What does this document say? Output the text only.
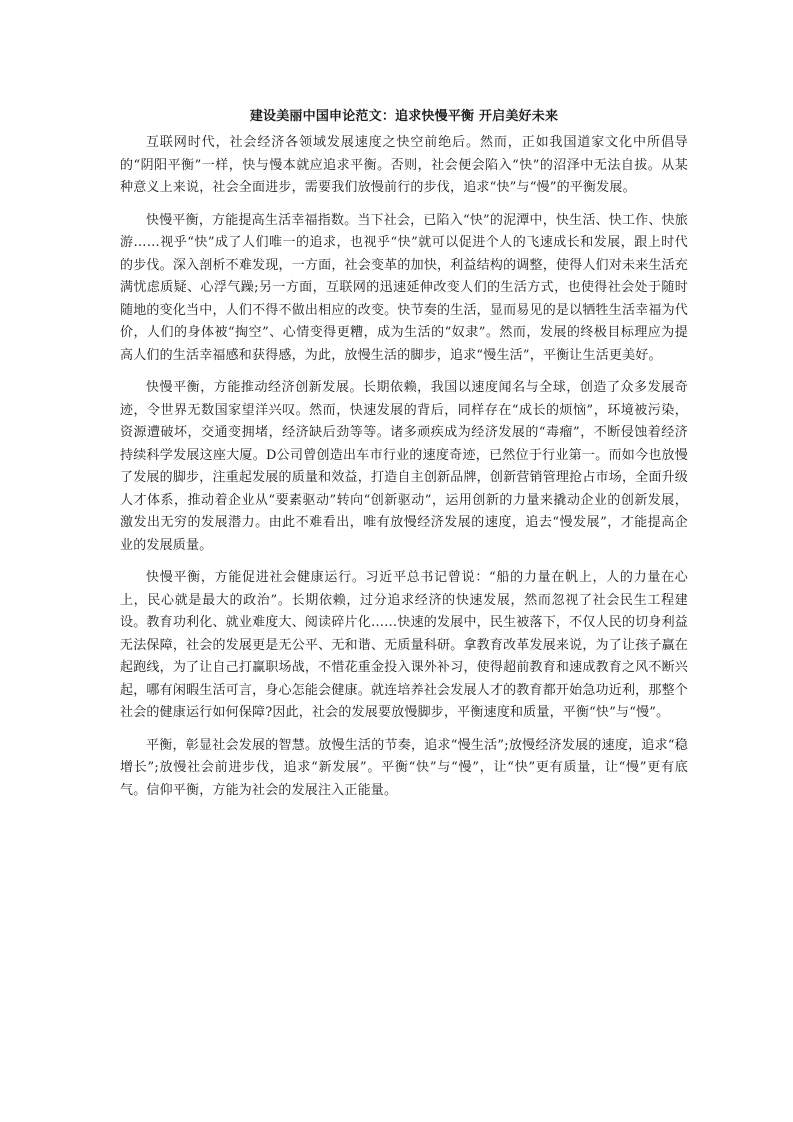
建设美丽中国申论范文：追求快慢平衡 开启美好未来

互联网时代，社会经济各领域发展速度之快空前绝后。然而，正如我国道家文化中所倡导的“阴阳平衡”一样，快与慢本就应追求平衡。否则，社会便会陷入“快”的沼泽中无法自拔。从某种意义上来说，社会全面进步，需要我们放慢前行的步伐，追求“快”与“慢”的平衡发展。

快慢平衡，方能提高生活幸福指数。当下社会，已陷入“快”的泥潭中，快生活、快工作、快旅游……视乎“快”成了人们唯一的追求，也视乎“快”就可以促进个人的飞速成长和发展，跟上时代的步伐。深入剖析不难发现，一方面，社会变革的加快，利益结构的调整，使得人们对未来生活充满忧虑质疑、心浮气躁;另一方面，互联网的迅速延伸改变人们的生活方式，也使得社会处于随时随地的变化当中，人们不得不做出相应的改变。快节奏的生活，显而易见的是以牺牲生活幸福为代价，人们的身体被“掏空”、心情变得更糟，成为生活的“奴隶”。然而，发展的终极目标理应为提高人们的生活幸福感和获得感，为此，放慢生活的脚步，追求“慢生活”，平衡让生活更美好。

快慢平衡，方能推动经济创新发展。长期依赖，我国以速度闻名与全球，创造了众多发展奇迹，令世界无数国家望洋兴叹。然而，快速发展的背后，同样存在“成长的烦恼”，环境被污染，资源遭破坏，交通变拥堵，经济缺后劲等等。诸多顽疾成为经济发展的“毒瘤”，不断侵蚀着经济持续科学发展这座大厦。D公司曾创造出车市行业的速度奇迹，已然位于行业第一。而如今也放慢了发展的脚步，注重起发展的质量和效益，打造自主创新品牌，创新营销管理抢占市场，全面升级人才体系，推动着企业从“要素驱动”转向“创新驱动”，运用创新的力量来撬动企业的创新发展，激发出无穷的发展潜力。由此不难看出，唯有放慢经济发展的速度，追去“慢发展”，才能提高企业的发展质量。

快慢平衡，方能促进社会健康运行。习近平总书记曾说：“船的力量在帆上，人的力量在心上，民心就是最大的政治”。长期依赖，过分追求经济的快速发展，然而忽视了社会民生工程建设。教育功利化、就业难度大、阅读碎片化……快速的发展中，民生被落下，不仅人民的切身利益无法保障，社会的发展更是无公平、无和谐、无质量科研。拿教育改革发展来说，为了让孩子赢在起跑线，为了让自己打赢职场战，不惜花重金投入课外补习，使得超前教育和速成教育之风不断兴起，哪有闲暇生活可言，身心怎能会健康。就连培养社会发展人才的教育都开始急功近利，那整个社会的健康运行如何保障?因此，社会的发展要放慢脚步，平衡速度和质量，平衡“快”与“慢”。

平衡，彰显社会发展的智慧。放慢生活的节奏，追求“慢生活”;放慢经济发展的速度，追求“稳增长”;放慢社会前进步伐，追求“新发展”。平衡“快”与“慢”，让“快”更有质量，让“慢”更有底气。信仰平衡，方能为社会的发展注入正能量。
